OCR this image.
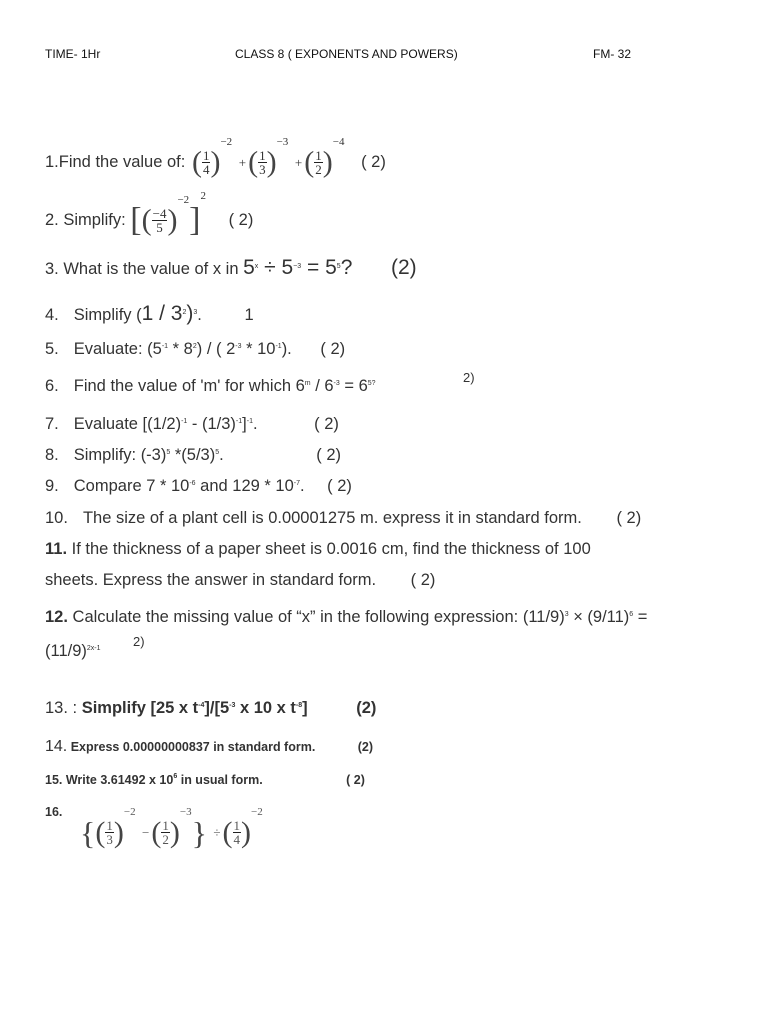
TIME- 1Hr	CLASS 8 ( EXPONENTS AND POWERS)	FM- 32
1.Find the value of: ( $\frac{1}{4} )^{-2}$ +( $\frac{1}{3} )^{-3}$ +( $\frac{1}{2} )^{-4}$ ( 2)
2. Simplify: [( $\frac{-4}{5} )^{-2}]^2$ ( 2)
3. What is the value of x in $5^x \div 5^{-3} = 5^5$? (2)
4. Simplify $(1 / 3^2)^3$.	1
5. Evaluate: $(5^{-1} * 8^2)$ / ( $2^{-3} * 10^{-1}$). ( 2)
6. Find the value of 'm' for which $6^m / 6^{-3} = 6^{5?}$	2)
7. Evaluate $[(1/2)^{-1} - (1/3)^{-1}]^{-1}$.	( 2)
8. Simplify: $(-3)^5$ $*(5/3)^5$.	( 2)
9. Compare $7 * 10^{-6}$ and $129 * 10^{-7}$. ( 2)
10. The size of a plant cell is 0.00001275 m. express it in standard form. ( 2)
11. If the thickness of a paper sheet is 0.0016 cm, find the thickness of 100
sheets. Express the answer in standard form. ( 2)
12. Calculate the missing value of “x” in the following expression: $(11/9)^3 \times (9/11)^6$ =
$(11/9)^{2x-1}$ 2)
13. : Simplify [25 x $t^{-4}]/[5^{-3}$ x 10 x $t^{-8}$]	(2)
14. Express 0.00000000837 in standard form.	(2)
15. Write 3.61492 x $10^6$ in usual form.	( 2)
16.
{( $\frac{1}{3} )^{-2}$ −( $\frac{1}{2} )^{-3}$} ÷( $\frac{1}{4} )^{-2}$
